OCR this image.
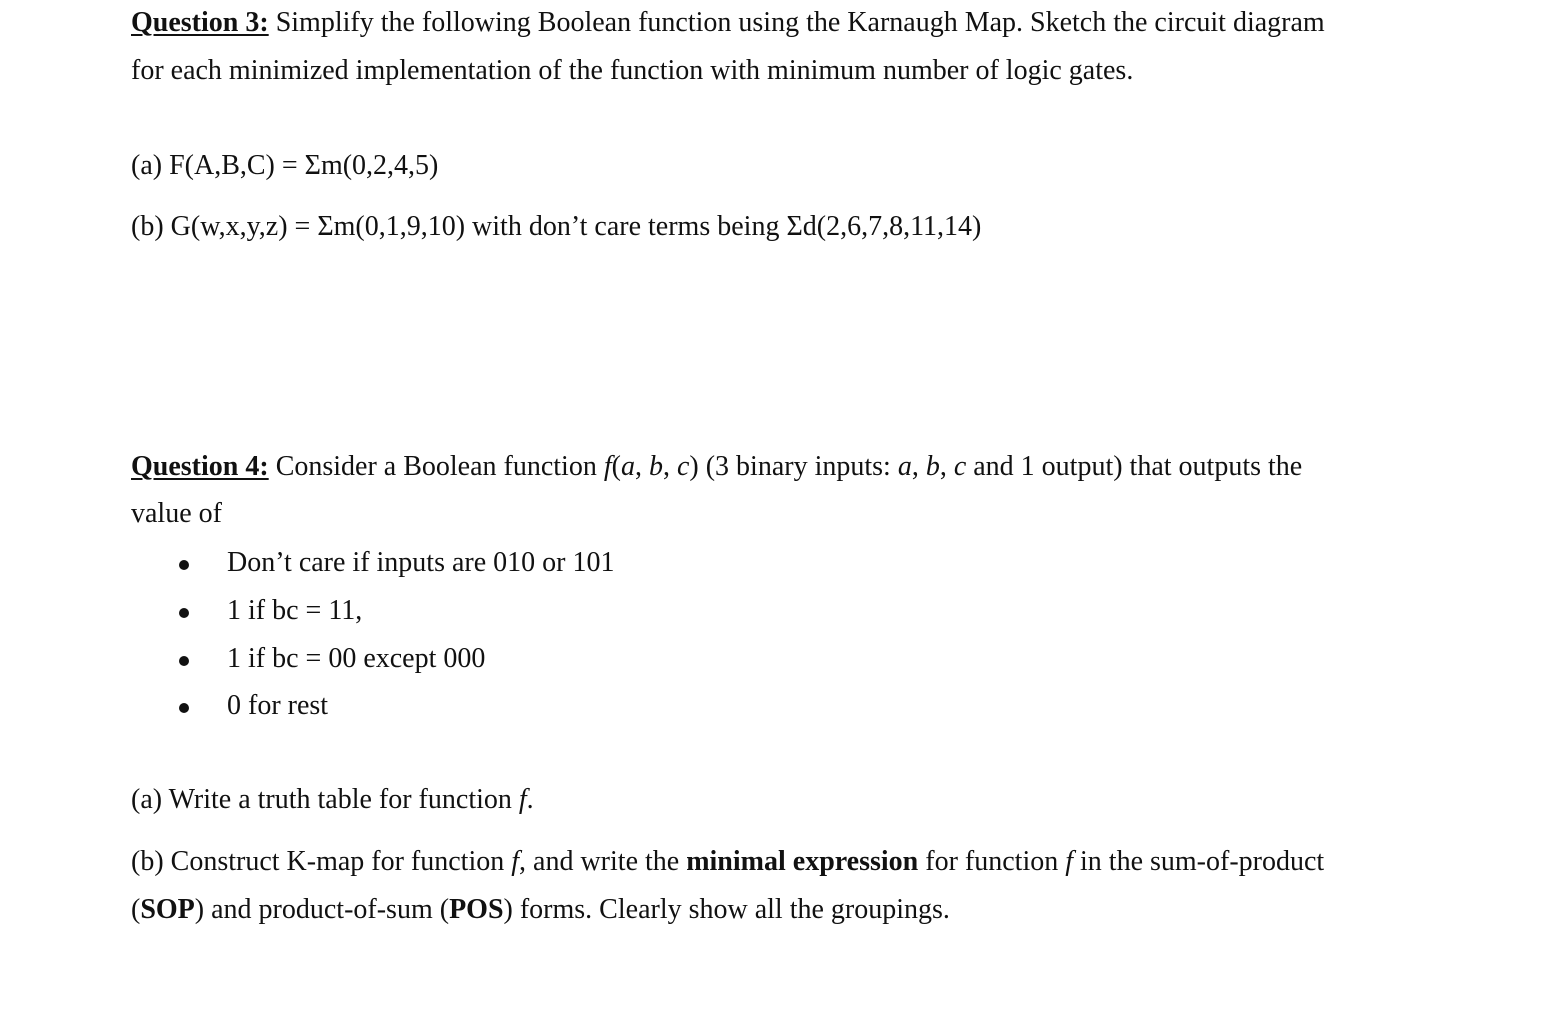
Question 3: Simplify the following Boolean function using the Karnaugh Map. Sketch the circuit diagram
for each minimized implementation of the function with minimum number of logic gates.
(a) F(A,B,C) = Σm(0,2,4,5)
(b) G(w,x,y,z) = Σm(0,1,9,10) with don’t care terms being Σd(2,6,7,8,11,14)
Question 4: Consider a Boolean function f(a, b, c) (3 binary inputs: a, b, c and 1 output) that outputs the
value of
Don’t care if inputs are 010 or 101
1 if bc = 11,
1 if bc = 00 except 000
0 for rest
(a) Write a truth table for function f.
(b) Construct K-map for function f, and write the minimal expression for function f in the sum-of-product
(SOP) and product-of-sum (POS) forms. Clearly show all the groupings.
